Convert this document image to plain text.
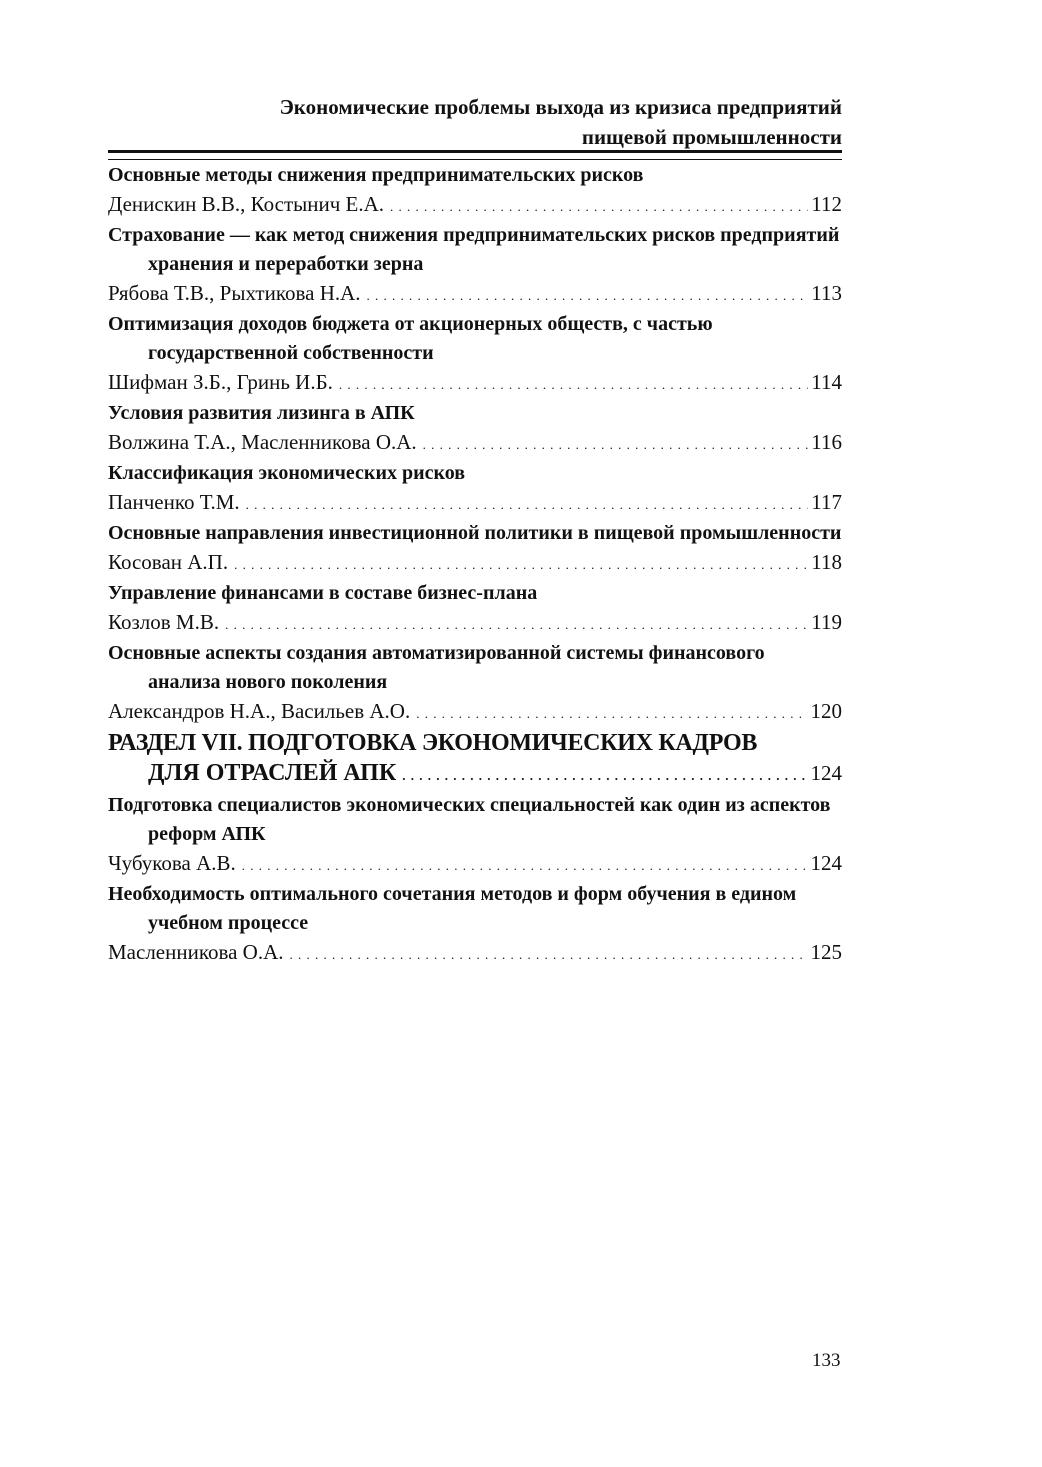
Экономические проблемы выхода из кризиса предприятий
пищевой промышленности
Основные методы снижения предпринимательских рисков
Денискин В.В., Костынич Е.А. . . .	112
Страхование — как метод снижения предпринимательских рисков предприятий хранения и переработки зерна
Рябова Т.В., Рыхтикова Н.А. . . .	113
Оптимизация доходов бюджета от акционерных обществ, с частью государственной собственности
Шифман З.Б., Гринь И.Б. . . .	114
Условия развития лизинга в АПК
Волжина Т.А., Масленникова О.А. . . .	116
Классификация экономических рисков
Панченко Т.М. . . .	117
Основные направления инвестиционной политики в пищевой промышленности
Косован А.П. . . .	118
Управление финансами в составе бизнес-плана
Козлов М.В. . . .	119
Основные аспекты создания автоматизированной системы финансового анализа нового поколения
Александров Н.А., Васильев А.О. . . .	120
РАЗДЕЛ VII. ПОДГОТОВКА ЭКОНОМИЧЕСКИХ КАДРОВ
ДЛЯ ОТРАСЛЕЙ АПК . . .	124
Подготовка специалистов экономических специальностей как один из аспектов реформ АПК
Чубукова А.В. . . .	124
Необходимость оптимального сочетания методов и форм обучения в едином учебном процессе
Масленникова О.А. . . .	125
133
